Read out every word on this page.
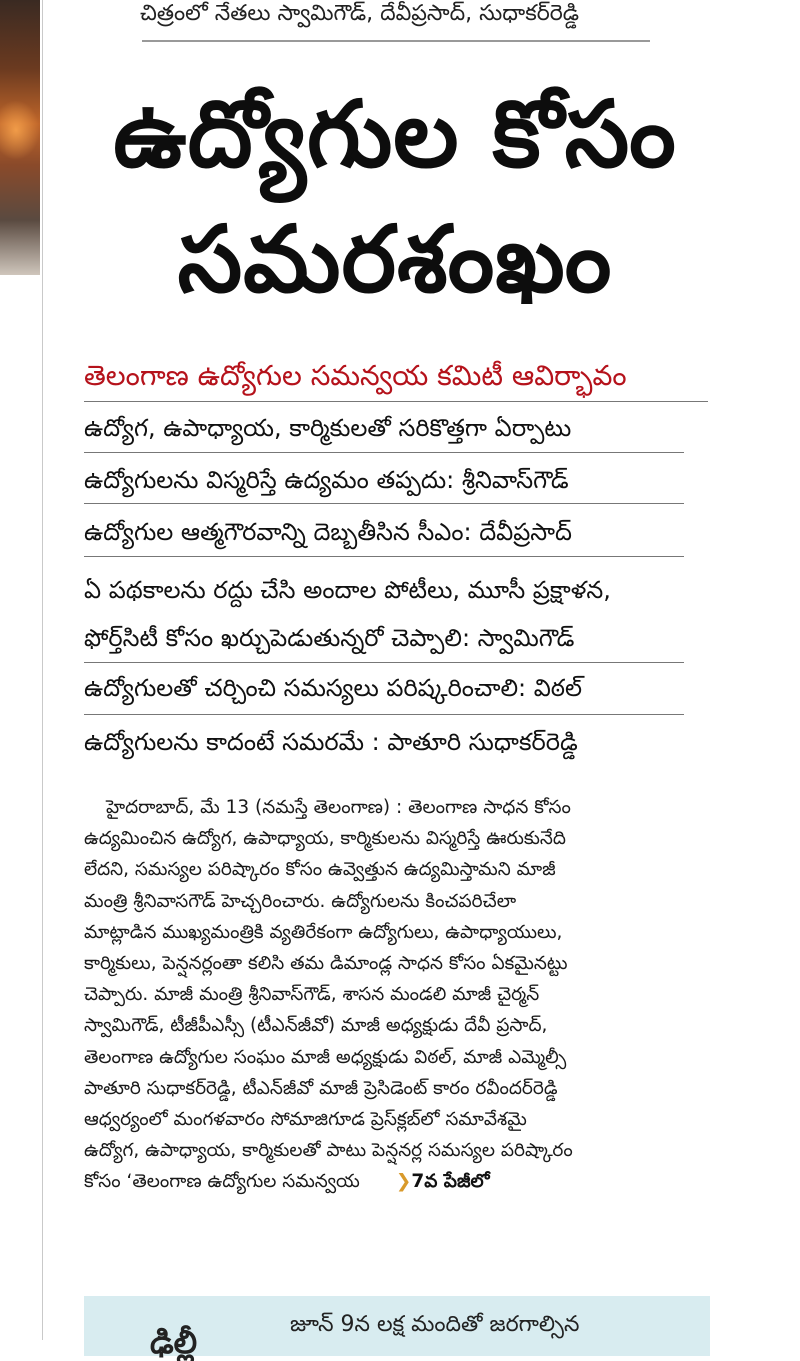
చిత్రంలో నేతలు స్వామిగౌడ్, దేవీప్రసాద్, సుధాకర్‌రెడ్డి
ఉద్యోగుల కోసం
సమరశంఖం
తెలంగాణ ఉద్యోగుల సమన్వయ కమిటీ ఆవిర్భావం
ఉద్యోగ, ఉపాధ్యాయ, కార్మికులతో సరికొత్తగా ఏర్పాటు
ఉద్యోగులను విస్మరిస్తే ఉద్యమం తప్పదు: శ్రీనివాస్‌గౌడ్
ఉద్యోగుల ఆత్మగౌరవాన్ని దెబ్బతీసిన సీఎం: దేవీప్రసాద్
ఏ పథకాలను రద్దు చేసి అందాల పోటీలు, మూసీ ప్రక్షాళన,
ఫోర్త్‌సిటీ కోసం ఖర్చుపెడుతున్నరో చెప్పాలి: స్వామిగౌడ్
ఉద్యోగులతో చర్చించి సమస్యలు పరిష్కరించాలి: విఠల్
ఉద్యోగులను కాదంటే సమరమే : పాతూరి సుధాకర్‌రెడ్డి
హైదరాబాద్, మే 13 (నమస్తే తెలంగాణ) : తెలంగాణ సాధన కోసం
ఉద్యమించిన ఉద్యోగ, ఉపాధ్యాయ, కార్మికులను విస్మరిస్తే ఊరుకునేది
లేదని, సమస్యల పరిష్కారం కోసం ఉవ్వెత్తున ఉద్యమిస్తామని మాజీ
మంత్రి శ్రీనివాసగౌడ్ హెచ్చరించారు. ఉద్యోగులను కించపరిచేలా
మాట్లాడిన ముఖ్యమంత్రికి వ్యతిరేకంగా ఉద్యోగులు, ఉపాధ్యాయులు,
కార్మికులు, పెన్షనర్లంతా కలిసి తమ డిమాండ్ల సాధన కోసం ఏకమైనట్టు
చెప్పారు. మాజీ మంత్రి శ్రీనివాస్‌గౌడ్, శాసన మండలి మాజీ చైర్మన్
స్వామిగౌడ్, టీజీపీఎస్సీ (టీఎన్‌జీవో) మాజీ అధ్యక్షుడు దేవీ ప్రసాద్,
తెలంగాణ ఉద్యోగుల సంఘం మాజీ అధ్యక్షుడు విఠల్, మాజీ ఎమ్మెల్సీ
పాతూరి సుధాకర్‌రెడ్డి, టీఎన్‌జీవో మాజీ ప్రెసిడెంట్ కారం రవీందర్‌రెడ్డి
ఆధ్వర్యంలో మంగళవారం సోమాజిగూడ ప్రెస్‌క్లబ్‌లో సమావేశమై
ఉద్యోగ, ఉపాధ్యాయ, కార్మికులతో పాటు పెన్షనర్ల సమస్యల పరిష్కారం
కోసం ‘తెలంగాణ ఉద్యోగుల సమన్వయ ❯7వ పేజీలో
ఢిల్లీ	జూన్ 9న లక్ష మందితో జరగాల్సిన
